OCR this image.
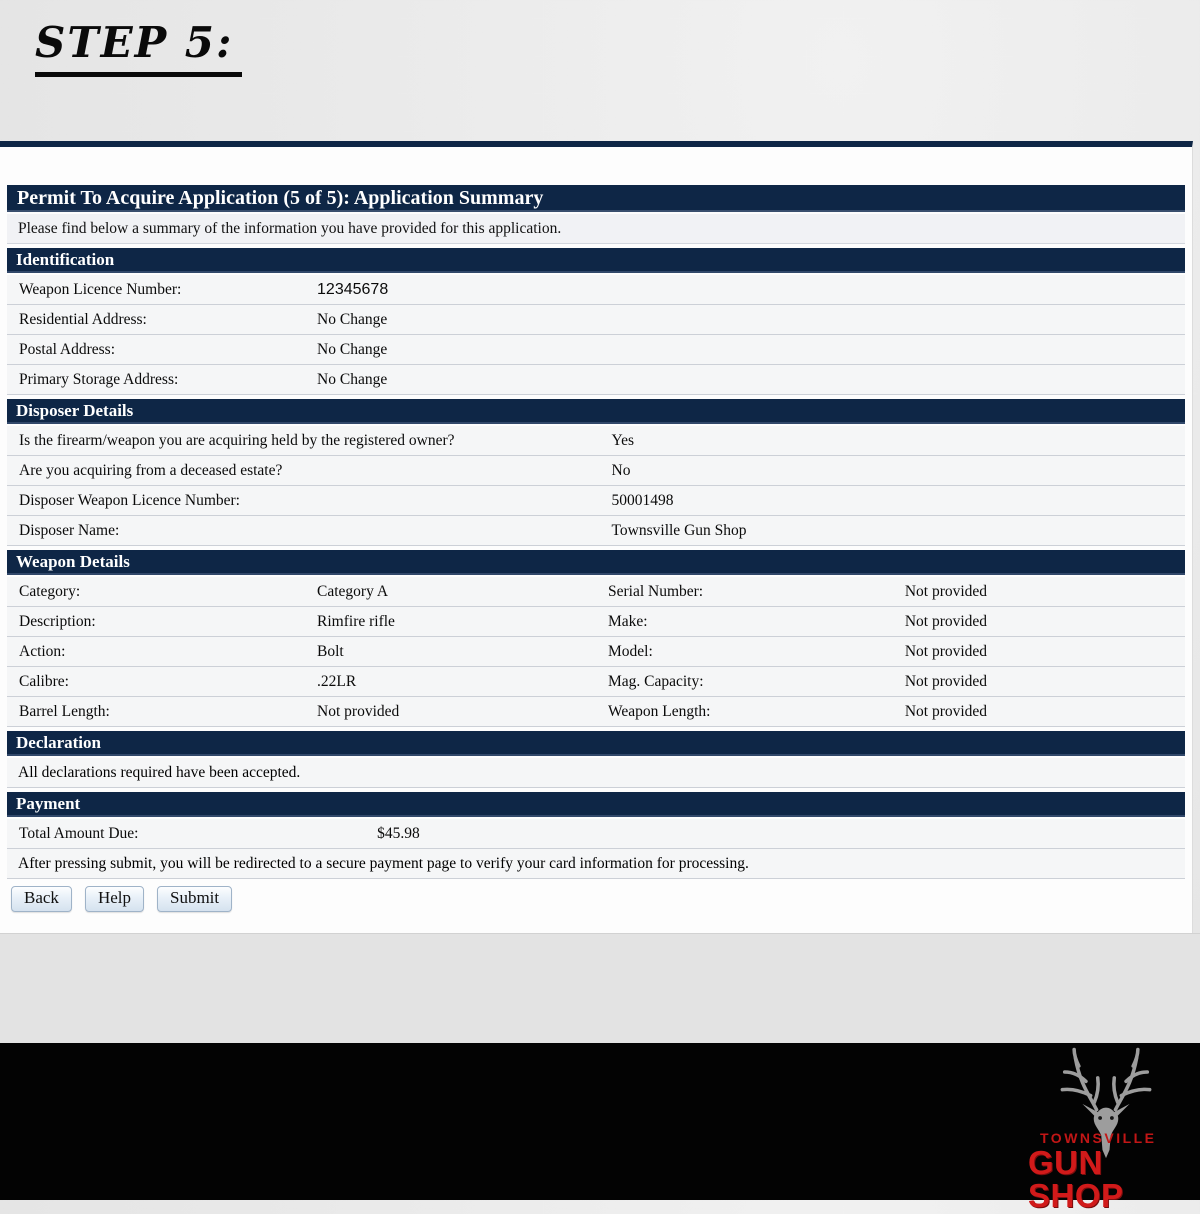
STEP 5:
Permit To Acquire Application (5 of 5): Application Summary
Please find below a summary of the information you have provided for this application.
Identification
Weapon Licence Number:	12345678
Residential Address:	No Change
Postal Address:	No Change
Primary Storage Address:	No Change
Disposer Details
Is the firearm/weapon you are acquiring held by the registered owner?	Yes
Are you acquiring from a deceased estate?	No
Disposer Weapon Licence Number:	50001498
Disposer Name:	Townsville Gun Shop
Weapon Details
Category:	Category A	Serial Number:	Not provided
Description:	Rimfire rifle	Make:	Not provided
Action:	Bolt	Model:	Not provided
Calibre:	.22LR	Mag. Capacity:	Not provided
Barrel Length:	Not provided	Weapon Length:	Not provided
Declaration
All declarations required have been accepted.
Payment
Total Amount Due:	$45.98
After pressing submit, you will be redirected to a secure payment page to verify your card information for processing.
Back	Help	Submit
TOWNSVILLE
GUN SHOP
